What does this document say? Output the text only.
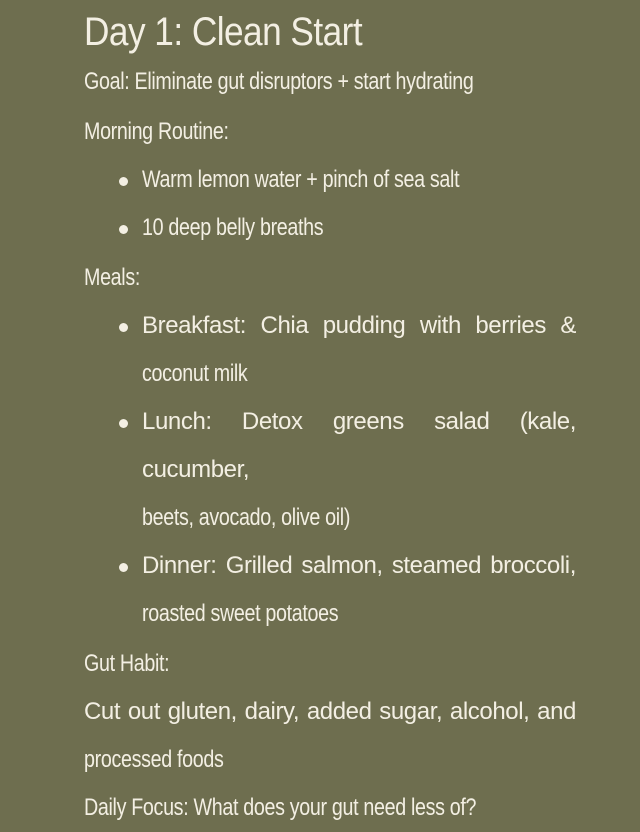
Day 1: Clean Start
Goal: Eliminate gut disruptors + start hydrating
Morning Routine:
Warm lemon water + pinch of sea salt
10 deep belly breaths
Meals:
Breakfast: Chia pudding with berries &
coconut milk
Lunch: Detox greens salad (kale, cucumber,
beets, avocado, olive oil)
Dinner: Grilled salmon, steamed broccoli,
roasted sweet potatoes
Gut Habit:
Cut out gluten, dairy, added sugar, alcohol, and
processed foods
Daily Focus: What does your gut need less of?
